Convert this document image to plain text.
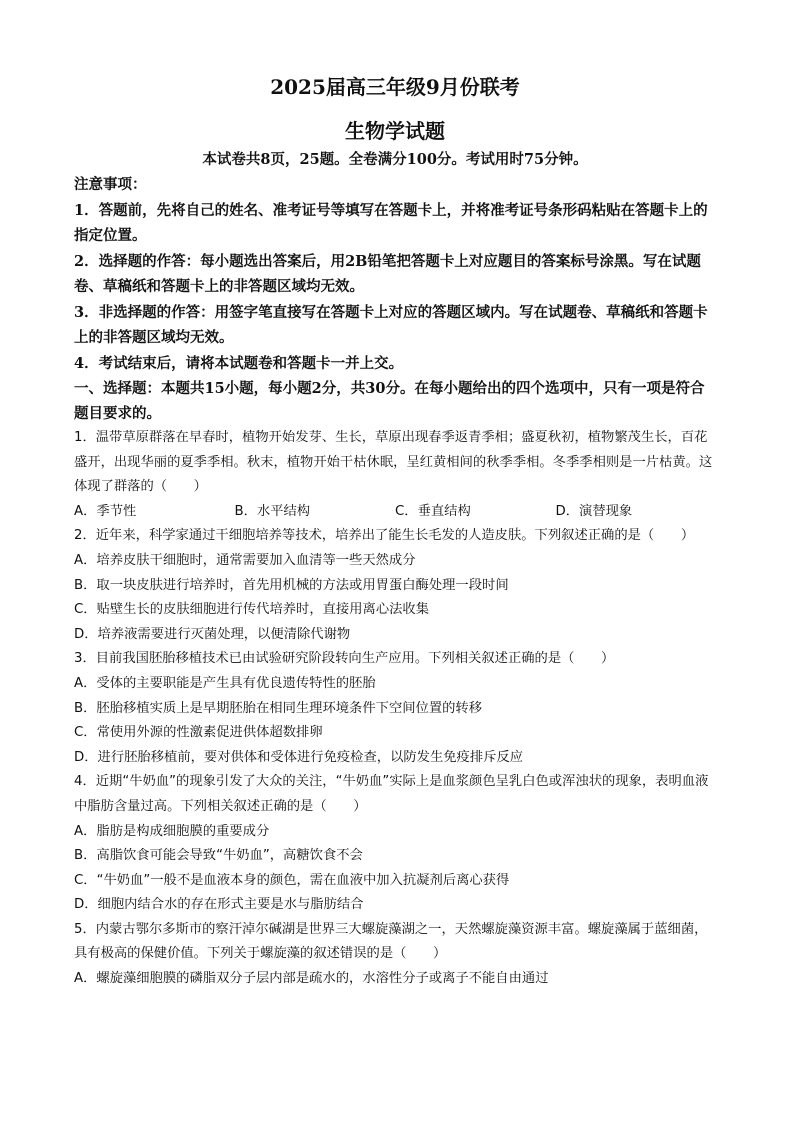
2025届高三年级9月份联考

生物学试题

本试卷共8页，25题。全卷满分100分。考试用时75分钟。

注意事项：

1．答题前，先将自己的姓名、准考证号等填写在答题卡上，并将准考证号条形码粘贴在答题卡上的指定位置。

2．选择题的作答：每小题选出答案后，用2B铅笔把答题卡上对应题目的答案标号涂黑。写在试题卷、草稿纸和答题卡上的非答题区域均无效。

3．非选择题的作答：用签字笔直接写在答题卡上对应的答题区域内。写在试题卷、草稿纸和答题卡上的非答题区域均无效。

4．考试结束后，请将本试题卷和答题卡一并上交。

一、选择题：本题共15小题，每小题2分，共30分。在每小题给出的四个选项中，只有一项是符合题目要求的。

1．温带草原群落在早春时，植物开始发芽、生长，草原出现春季返青季相；盛夏秋初，植物繁茂生长，百花盛开，出现华丽的夏季季相。秋末，植物开始干枯休眠，呈红黄相间的秋季季相。冬季季相则是一片枯黄。这体现了群落的（　　）

A．季节性	B．水平结构	C．垂直结构	D．演替现象

2．近年来，科学家通过干细胞培养等技术，培养出了能生长毛发的人造皮肤。下列叙述正确的是（　　）

A．培养皮肤干细胞时，通常需要加入血清等一些天然成分

B．取一块皮肤进行培养时，首先用机械的方法或用胃蛋白酶处理一段时间

C．贴壁生长的皮肤细胞进行传代培养时，直接用离心法收集

D．培养液需要进行灭菌处理，以便清除代谢物

3．目前我国胚胎移植技术已由试验研究阶段转向生产应用。下列相关叙述正确的是（　　）

A．受体的主要职能是产生具有优良遗传特性的胚胎

B．胚胎移植实质上是早期胚胎在相同生理环境条件下空间位置的转移

C．常使用外源的性激素促进供体超数排卵

D．进行胚胎移植前，要对供体和受体进行免疫检查，以防发生免疫排斥反应

4．近期“牛奶血”的现象引发了大众的关注，“牛奶血”实际上是血浆颜色呈乳白色或浑浊状的现象，表明血液中脂肪含量过高。下列相关叙述正确的是（　　）

A．脂肪是构成细胞膜的重要成分

B．高脂饮食可能会导致“牛奶血”，高糖饮食不会

C．“牛奶血”一般不是血液本身的颜色，需在血液中加入抗凝剂后离心获得

D．细胞内结合水的存在形式主要是水与脂肪结合

5．内蒙古鄂尔多斯市的察汗淖尔碱湖是世界三大螺旋藻湖之一，天然螺旋藻资源丰富。螺旋藻属于蓝细菌，具有极高的保健价值。下列关于螺旋藻的叙述错误的是（　　）

A．螺旋藻细胞膜的磷脂双分子层内部是疏水的，水溶性分子或离子不能自由通过
